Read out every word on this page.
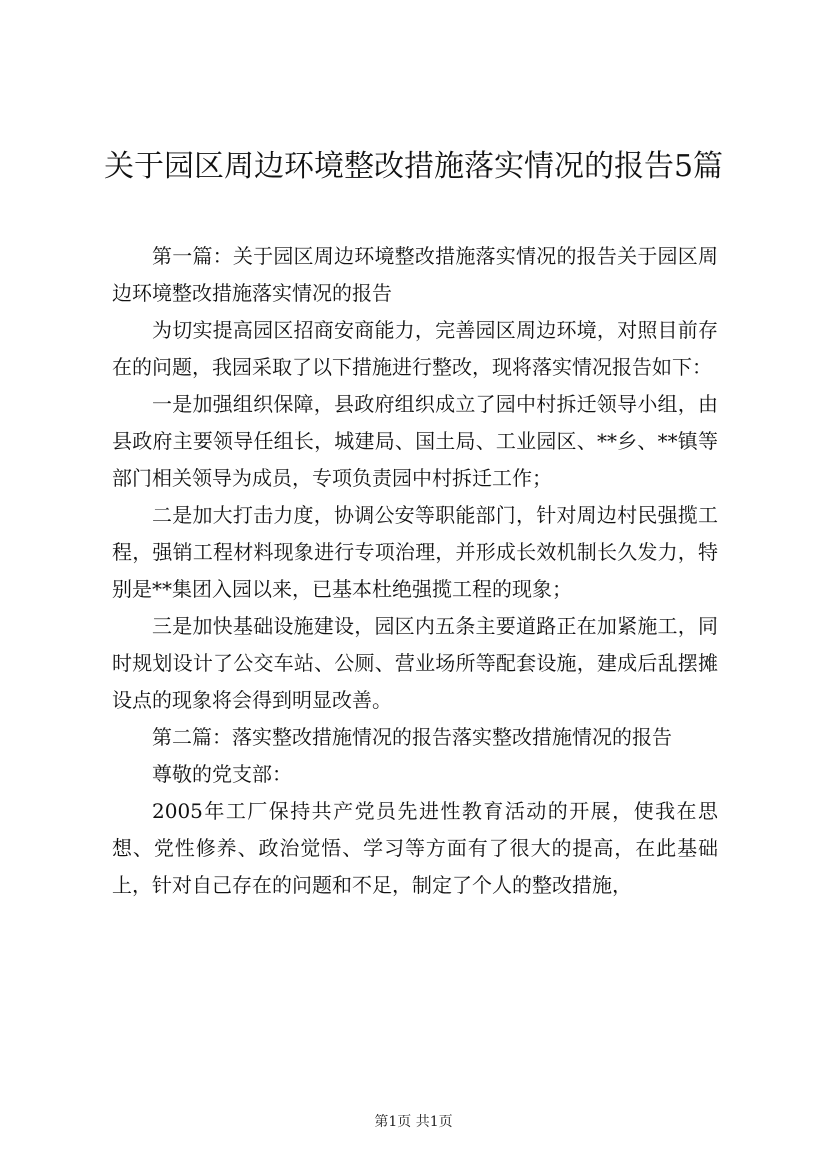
关于园区周边环境整改措施落实情况的报告5篇

第一篇：关于园区周边环境整改措施落实情况的报告关于园区周边环境整改措施落实情况的报告

为切实提高园区招商安商能力，完善园区周边环境，对照目前存在的问题，我园采取了以下措施进行整改，现将落实情况报告如下：

一是加强组织保障，县政府组织成立了园中村拆迁领导小组，由县政府主要领导任组长，城建局、国土局、工业园区、**乡、**镇等部门相关领导为成员，专项负责园中村拆迁工作；

二是加大打击力度，协调公安等职能部门，针对周边村民强揽工程，强销工程材料现象进行专项治理，并形成长效机制长久发力，特别是**集团入园以来，已基本杜绝强揽工程的现象；

三是加快基础设施建设，园区内五条主要道路正在加紧施工，同时规划设计了公交车站、公厕、营业场所等配套设施，建成后乱摆摊设点的现象将会得到明显改善。

第二篇：落实整改措施情况的报告落实整改措施情况的报告

尊敬的党支部：

2005年工厂保持共产党员先进性教育活动的开展，使我在思想、党性修养、政治觉悟、学习等方面有了很大的提高，在此基础上，针对自己存在的问题和不足，制定了个人的整改措施，

第1页 共1页
